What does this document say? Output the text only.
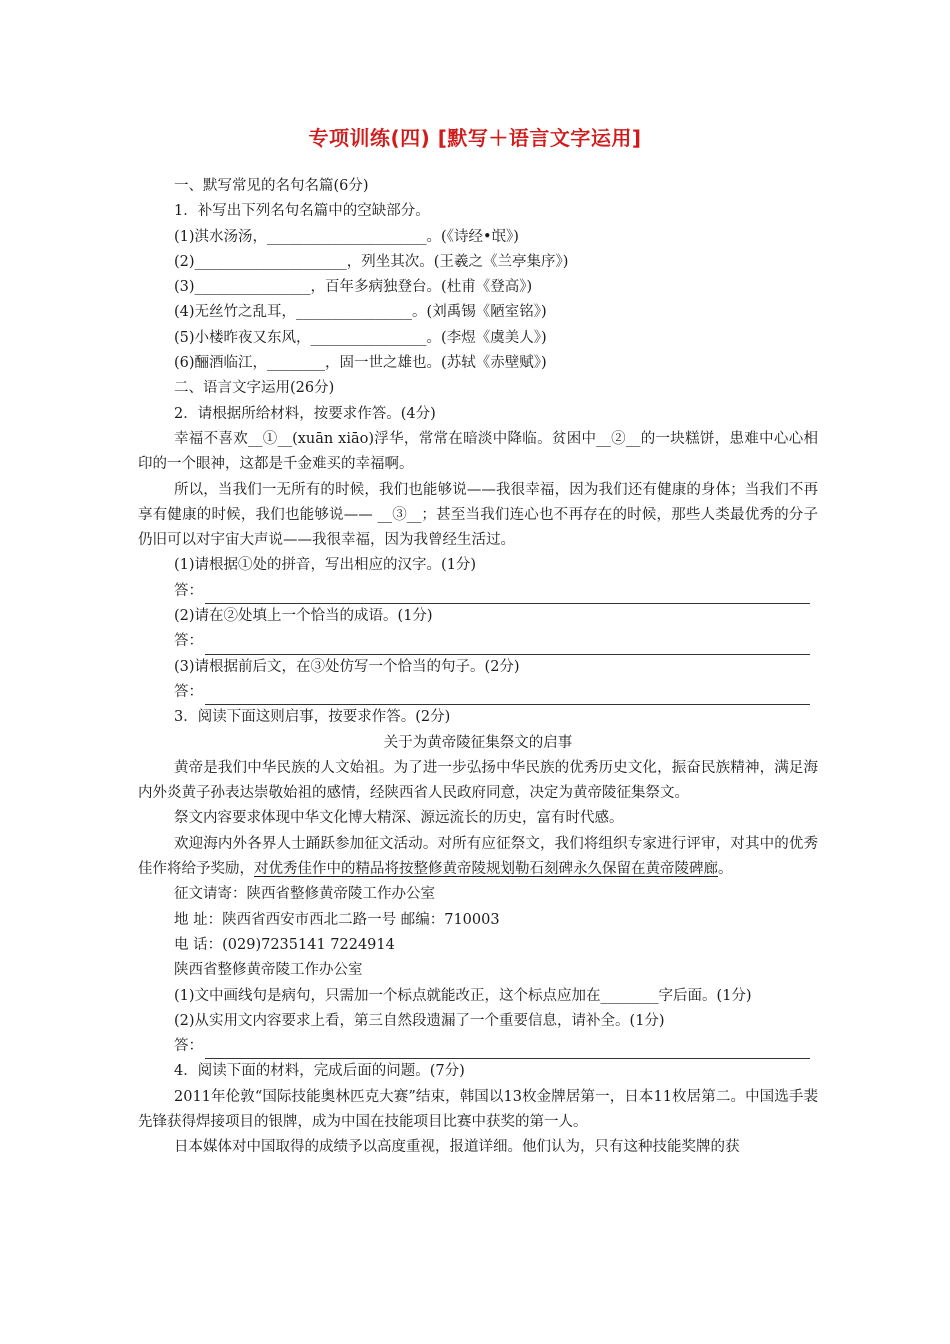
专项训练(四) [默写＋语言文字运用]
一、默写常见的名句名篇(6分)
1．补写出下列名句名篇中的空缺部分。
(1)淇水汤汤，______________________。(《诗经•氓》)
(2)_____________________，列坐其次。(王羲之《兰亭集序》)
(3)________________，百年多病独登台。(杜甫《登高》)
(4)无丝竹之乱耳，________________。(刘禹锡《陋室铭》)
(5)小楼昨夜又东风，________________。(李煜《虞美人》)
(6)酾酒临江，________，固一世之雄也。(苏轼《赤壁赋》)
二、语言文字运用(26分)
2．请根据所给材料，按要求作答。(4分)
幸福不喜欢__①__(xuān xiāo)浮华，常常在暗淡中降临。贫困中__②__的一块糕饼，患难中心心相印的一个眼神，这都是千金难买的幸福啊。
所以，当我们一无所有的时候，我们也能够说——我很幸福，因为我们还有健康的身体；当我们不再享有健康的时候，我们也能够说—— __③__；甚至当我们连心也不再存在的时候，那些人类最优秀的分子仍旧可以对宇宙大声说——我很幸福，因为我曾经生活过。
(1)请根据①处的拼音，写出相应的汉字。(1分)
答：
(2)请在②处填上一个恰当的成语。(1分)
答：
(3)请根据前后文，在③处仿写一个恰当的句子。(2分)
答：
3．阅读下面这则启事，按要求作答。(2分)
关于为黄帝陵征集祭文的启事
黄帝是我们中华民族的人文始祖。为了进一步弘扬中华民族的优秀历史文化，振奋民族精神，满足海内外炎黄子孙表达崇敬始祖的感情，经陕西省人民政府同意，决定为黄帝陵征集祭文。
祭文内容要求体现中华文化博大精深、源远流长的历史，富有时代感。
欢迎海内外各界人士踊跃参加征文活动。对所有应征祭文，我们将组织专家进行评审，对其中的优秀佳作将给予奖励，对优秀佳作中的精品将按整修黄帝陵规划勒石刻碑永久保留在黄帝陵碑廊。
征文请寄：陕西省整修黄帝陵工作办公室
地 址：陕西省西安市西北二路一号 邮编：710003
电 话：(029)7235141 7224914
陕西省整修黄帝陵工作办公室
(1)文中画线句是病句，只需加一个标点就能改正，这个标点应加在________字后面。(1分)
(2)从实用文内容要求上看，第三自然段遗漏了一个重要信息，请补全。(1分)
答：
4．阅读下面的材料，完成后面的问题。(7分)
2011年伦敦“国际技能奥林匹克大赛”结束，韩国以13枚金牌居第一，日本11枚居第二。中国选手裴先锋获得焊接项目的银牌，成为中国在技能项目比赛中获奖的第一人。
日本媒体对中国取得的成绩予以高度重视，报道详细。他们认为，只有这种技能奖牌的获
